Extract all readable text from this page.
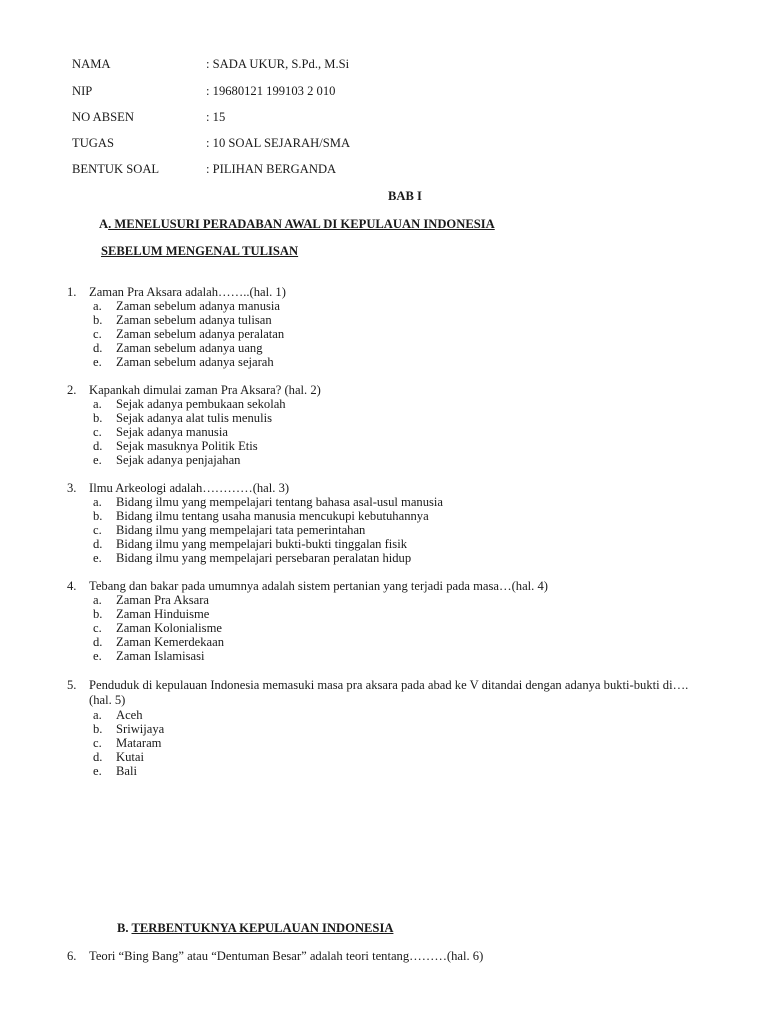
NAMA	: SADA UKUR, S.Pd., M.Si
NIP	: 19680121 199103 2 010
NO ABSEN	: 15
TUGAS	: 10 SOAL SEJARAH/SMA
BENTUK SOAL	: PILIHAN BERGANDA
BAB I
A. MENELUSURI PERADABAN AWAL DI KEPULAUAN INDONESIA
SEBELUM MENGENAL TULISAN
1. Zaman Pra Aksara adalah……..(hal. 1)
a. Zaman sebelum adanya manusia
b. Zaman sebelum adanya tulisan
c. Zaman sebelum adanya peralatan
d. Zaman sebelum adanya uang
e. Zaman sebelum adanya sejarah
2. Kapankah dimulai zaman Pra Aksara? (hal. 2)
a. Sejak adanya pembukaan sekolah
b. Sejak adanya alat tulis menulis
c. Sejak adanya manusia
d. Sejak masuknya Politik Etis
e. Sejak adanya penjajahan
3. Ilmu Arkeologi adalah…………(hal. 3)
a. Bidang ilmu yang mempelajari tentang bahasa asal-usul manusia
b. Bidang ilmu tentang usaha manusia mencukupi kebutuhannya
c. Bidang ilmu yang mempelajari tata pemerintahan
d. Bidang ilmu yang mempelajari bukti-bukti tinggalan fisik
e. Bidang ilmu yang mempelajari persebaran peralatan hidup
4. Tebang dan bakar pada umumnya adalah sistem pertanian yang terjadi pada masa…(hal. 4)
a. Zaman Pra Aksara
b. Zaman Hinduisme
c. Zaman Kolonialisme
d. Zaman Kemerdekaan
e. Zaman Islamisasi
5. Penduduk di kepulauan Indonesia memasuki masa pra aksara pada abad ke V ditandai dengan adanya bukti-bukti di….(hal. 5)
a. Aceh
b. Sriwijaya
c. Mataram
d. Kutai
e. Bali
B. TERBENTUKNYA KEPULAUAN INDONESIA
6. Teori “Bing Bang” atau “Dentuman Besar” adalah teori tentang………(hal. 6)
